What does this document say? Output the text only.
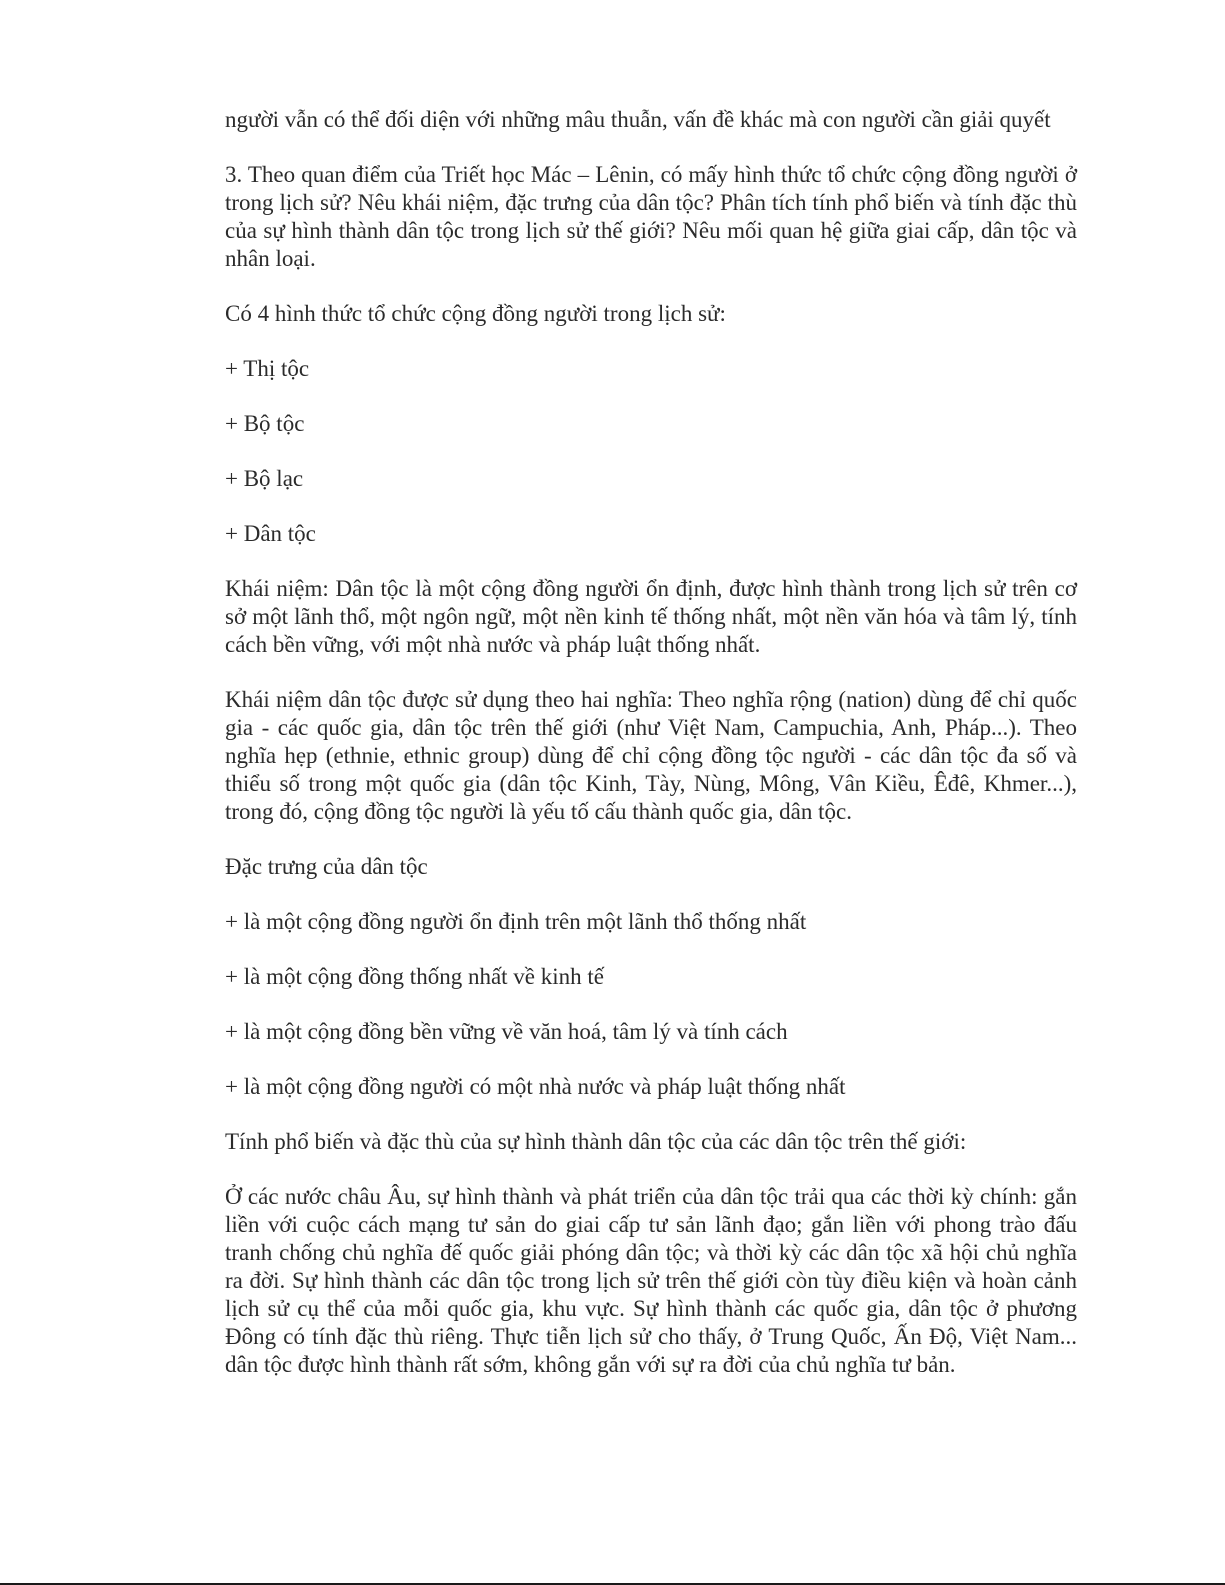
người vẫn có thể đối diện với những mâu thuẫn, vấn đề khác mà con người cần giải quyết

3. Theo quan điểm của Triết học Mác – Lênin, có mấy hình thức tổ chức cộng đồng người ở trong lịch sử? Nêu khái niệm, đặc trưng của dân tộc? Phân tích tính phổ biến và tính đặc thù của sự hình thành dân tộc trong lịch sử thế giới? Nêu mối quan hệ giữa giai cấp, dân tộc và nhân loại.

Có 4 hình thức tổ chức cộng đồng người trong lịch sử:

+ Thị tộc

+ Bộ tộc

+ Bộ lạc

+ Dân tộc

Khái niệm: Dân tộc là một cộng đồng người ổn định, được hình thành trong lịch sử trên cơ sở một lãnh thổ, một ngôn ngữ, một nền kinh tế thống nhất, một nền văn hóa và tâm lý, tính cách bền vững, với một nhà nước và pháp luật thống nhất.

Khái niệm dân tộc được sử dụng theo hai nghĩa: Theo nghĩa rộng (nation) dùng để chỉ quốc gia - các quốc gia, dân tộc trên thế giới (như Việt Nam, Campuchia, Anh, Pháp...). Theo nghĩa hẹp (ethnie, ethnic group) dùng để chỉ cộng đồng tộc người - các dân tộc đa số và thiểu số trong một quốc gia (dân tộc Kinh, Tày, Nùng, Mông, Vân Kiều, Êđê, Khmer...), trong đó, cộng đồng tộc người là yếu tố cấu thành quốc gia, dân tộc.

Đặc trưng của dân tộc

+ là một cộng đồng người ổn định trên một lãnh thổ thống nhất

+ là một cộng đồng thống nhất về kinh tế

+ là một cộng đồng bền vững về văn hoá, tâm lý và tính cách

+ là một cộng đồng người có một nhà nước và pháp luật thống nhất

Tính phổ biến và đặc thù của sự hình thành dân tộc của các dân tộc trên thế giới:

Ở các nước châu Âu, sự hình thành và phát triển của dân tộc trải qua các thời kỳ chính: gắn liền với cuộc cách mạng tư sản do giai cấp tư sản lãnh đạo; gắn liền với phong trào đấu tranh chống chủ nghĩa đế quốc giải phóng dân tộc; và thời kỳ các dân tộc xã hội chủ nghĩa ra đời. Sự hình thành các dân tộc trong lịch sử trên thế giới còn tùy điều kiện và hoàn cảnh lịch sử cụ thể của mỗi quốc gia, khu vực. Sự hình thành các quốc gia, dân tộc ở phương Đông có tính đặc thù riêng. Thực tiễn lịch sử cho thấy, ở Trung Quốc, Ấn Độ, Việt Nam... dân tộc được hình thành rất sớm, không gắn với sự ra đời của chủ nghĩa tư bản.
